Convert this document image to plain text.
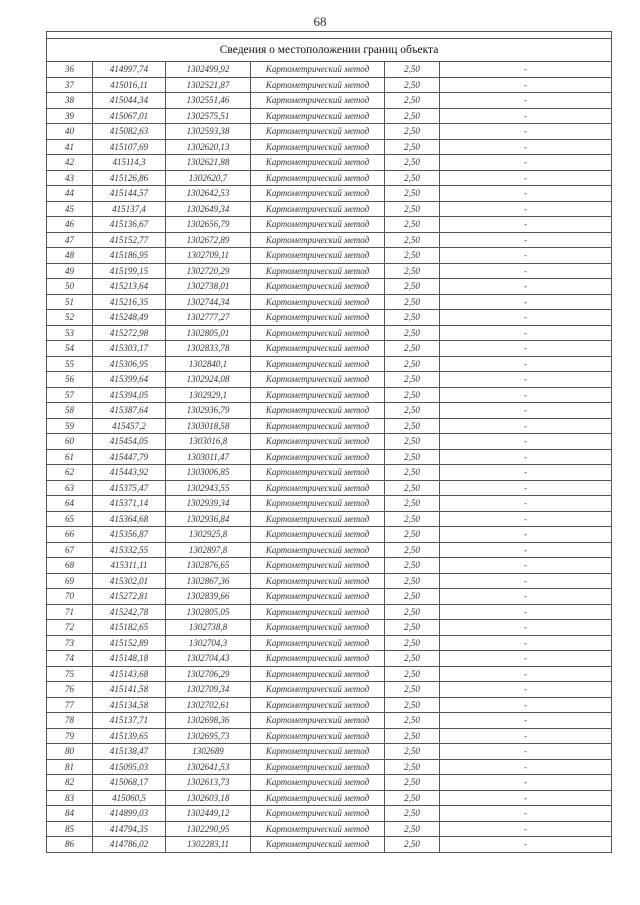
68

Сведения о местоположении границ объекта					
36	414997,74	1302499,92	Картометрический метод	2,50	-
37	415016,11	1302521,87	Картометрический метод	2,50	-
38	415044,34	1302551,46	Картометрический метод	2,50	-
39	415067,01	1302575,51	Картометрический метод	2,50	-
40	415082,63	1302593,38	Картометрический метод	2,50	-
41	415107,69	1302620,13	Картометрический метод	2,50	-
42	415114,3	1302621,88	Картометрический метод	2,50	-
43	415126,86	1302620,7	Картометрический метод	2,50	-
44	415144,57	1302642,53	Картометрический метод	2,50	-
45	415137,4	1302649,34	Картометрический метод	2,50	-
46	415136,67	1302656,79	Картометрический метод	2,50	-
47	415152,77	1302672,89	Картометрический метод	2,50	-
48	415186,95	1302709,11	Картометрический метод	2,50	-
49	415199,15	1302720,29	Картометрический метод	2,50	-
50	415213,64	1302738,01	Картометрический метод	2,50	-
51	415216,35	1302744,34	Картометрический метод	2,50	-
52	415248,49	1302777,27	Картометрический метод	2,50	-
53	415272,98	1302805,01	Картометрический метод	2,50	-
54	415303,17	1302833,78	Картометрический метод	2,50	-
55	415306,95	1302840,1	Картометрический метод	2,50	-
56	415399,64	1302924,08	Картометрический метод	2,50	-
57	415394,05	1302929,1	Картометрический метод	2,50	-
58	415387,64	1302936,79	Картометрический метод	2,50	-
59	415457,2	1303018,58	Картометрический метод	2,50	-
60	415454,05	1303016,8	Картометрический метод	2,50	-
61	415447,79	1303011,47	Картометрический метод	2,50	-
62	415443,92	1303006,85	Картометрический метод	2,50	-
63	415375,47	1302943,55	Картометрический метод	2,50	-
64	415371,14	1302939,34	Картометрический метод	2,50	-
65	415364,68	1302936,84	Картометрический метод	2,50	-
66	415356,87	1302925,8	Картометрический метод	2,50	-
67	415332,55	1302897,8	Картометрический метод	2,50	-
68	415311,11	1302876,65	Картометрический метод	2,50	-
69	415302,01	1302867,36	Картометрический метод	2,50	-
70	415272,81	1302839,66	Картометрический метод	2,50	-
71	415242,78	1302805,05	Картометрический метод	2,50	-
72	415182,65	1302738,8	Картометрический метод	2,50	-
73	415152,89	1302704,3	Картометрический метод	2,50	-
74	415148,18	1302704,43	Картометрический метод	2,50	-
75	415143,68	1302706,29	Картометрический метод	2,50	-
76	415141,58	1302709,34	Картометрический метод	2,50	-
77	415134,58	1302702,61	Картометрический метод	2,50	-
78	415137,71	1302698,36	Картометрический метод	2,50	-
79	415139,65	1302695,73	Картометрический метод	2,50	-
80	415138,47	1302689	Картометрический метод	2,50	-
81	415095,03	1302641,53	Картометрический метод	2,50	-
82	415068,17	1302613,73	Картометрический метод	2,50	-
83	415060,5	1302603,18	Картометрический метод	2,50	-
84	414899,03	1302449,12	Картометрический метод	2,50	-
85	414794,35	1302290,95	Картометрический метод	2,50	-
86	414786,02	1302283,11	Картометрический метод	2,50	-
